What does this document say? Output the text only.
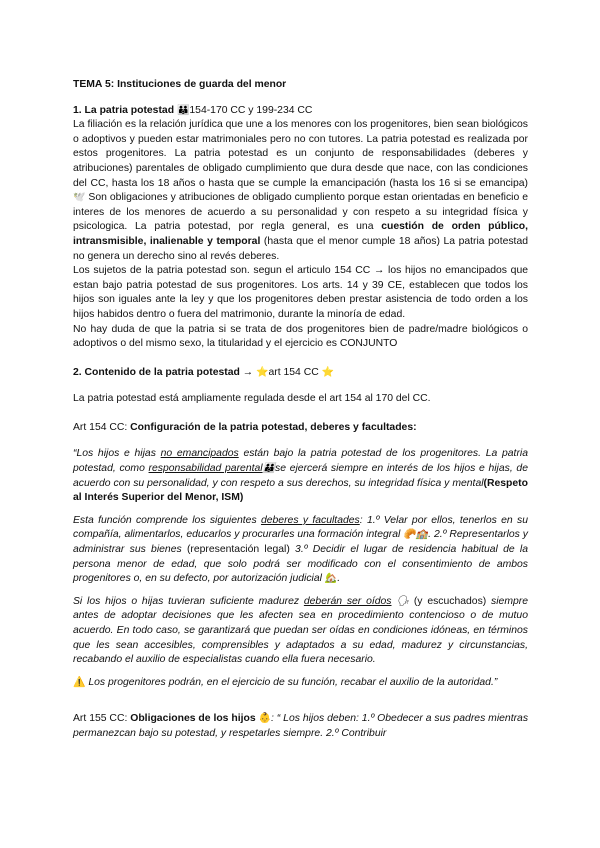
TEMA 5: Instituciones de guarda del menor

1. La patria potestad 👪154-170 CC y 199-234 CC

La filiación es la relación jurídica que une a los menores con los progenitores, bien sean biológicos o adoptivos y pueden estar matrimoniales pero no con tutores. La patria potestad es realizada por estos progenitores. La patria potestad es un conjunto de responsabilidades (deberes y atribuciones) parentales de obligado cumplimiento que dura desde que nace, con las condiciones del CC, hasta los 18 años o hasta que se cumple la emancipación (hasta los 16 si se emancipa) 🕊️ Son obligaciones y atribuciones de obligado cumpliento porque estan orientadas en beneficio e interes de los menores de acuerdo a su personalidad y con respeto a su integridad física y psicologica. La patria potestad, por regla general, es una cuestión de orden público, intransmisible, inalienable y temporal (hasta que el menor cumple 18 años) La patria potestad no genera un derecho sino al revés deberes.

Los sujetos de la patria potestad son. segun el articulo 154 CC → los hijos no emancipados que estan bajo patria potestad de sus progenitores. Los arts. 14 y 39 CE, establecen que todos los hijos son iguales ante la ley y que los progenitores deben prestar asistencia de todo orden a los hijos habidos dentro o fuera del matrimonio, durante la minoría de edad.

No hay duda de que la patria si se trata de dos progenitores bien de padre/madre biológicos o adoptivos o del mismo sexo, la titularidad y el ejercicio es CONJUNTO

2. Contenido de la patria potestad → ⭐art 154 CC ⭐

La patria potestad está ampliamente regulada desde el art 154 al 170 del CC.

Art 154 CC: Configuración de la patria potestad, deberes y facultades:

“Los hijos e hijas no emancipados están bajo la patria potestad de los progenitores. La patria potestad, como responsabilidad parental👪se ejercerá siempre en interés de los hijos e hijas, de acuerdo con su personalidad, y con respeto a sus derechos, su integridad física y mental(Respeto al Interés Superior del Menor, ISM)

Esta función comprende los siguientes deberes y facultades: 1.º Velar por ellos, tenerlos en su compañía, alimentarlos, educarlos y procurarles una formación integral 🥐🏫. 2.º Representarlos y administrar sus bienes (representación legal) 3.º Decidir el lugar de residencia habitual de la persona menor de edad, que solo podrá ser modificado con el consentimiento de ambos progenitores o, en su defecto, por autorización judicial 🏡.

Si los hijos o hijas tuvieran suficiente madurez deberán ser oídos 🗣 (y escuchados) siempre antes de adoptar decisiones que les afecten sea en procedimiento contencioso o de mutuo acuerdo. En todo caso, se garantizará que puedan ser oídas en condiciones idóneas, en términos que les sean accesibles, comprensibles y adaptados a su edad, madurez y circunstancias, recabando el auxilio de especialistas cuando ella fuera necesario.

⚠️ Los progenitores podrán, en el ejercicio de su función, recabar el auxilio de la autoridad.”

Art 155 CC: Obligaciones de los hijos 👶: “ Los hijos deben: 1.º Obedecer a sus padres mientras permanezcan bajo su potestad, y respetarles siempre. 2.º Contribuir
